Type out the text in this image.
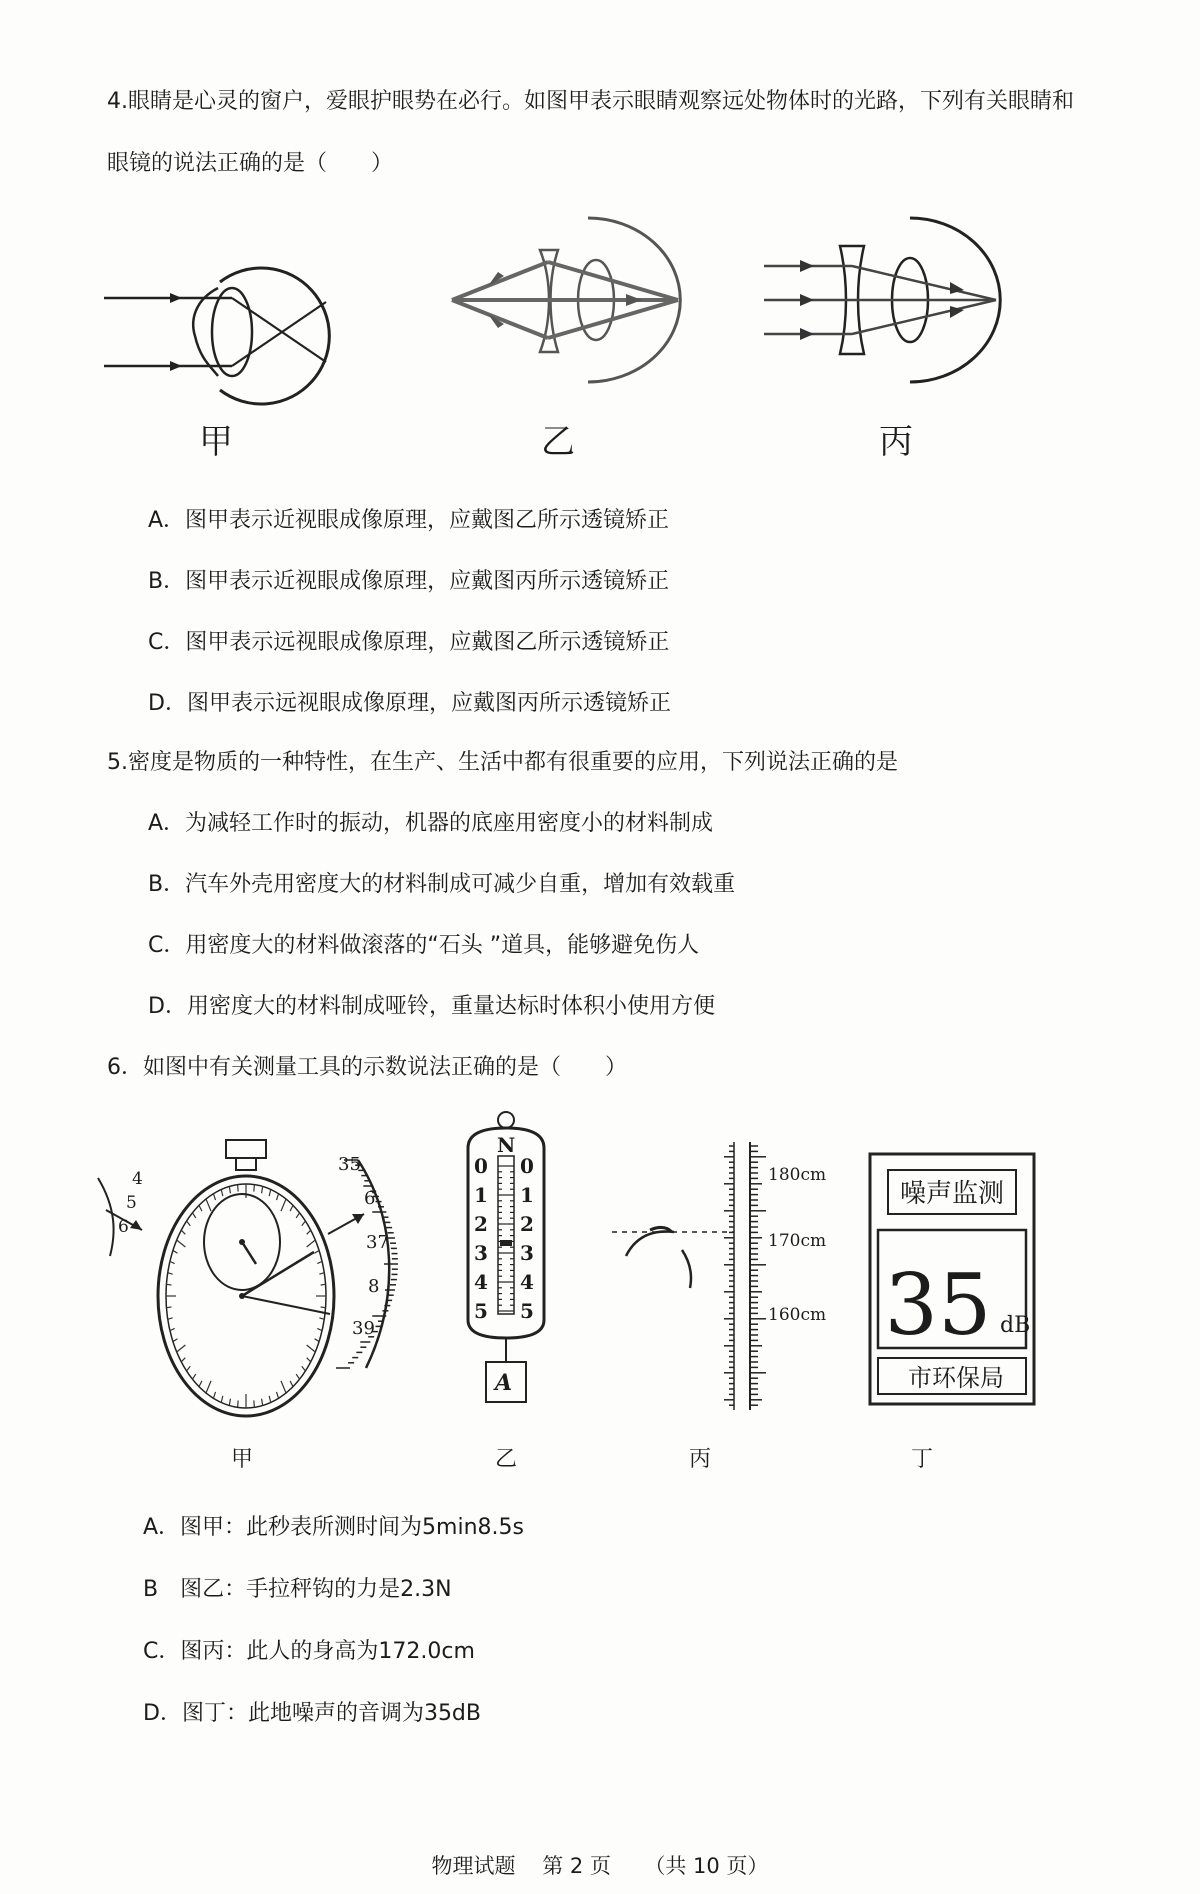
4.眼睛是心灵的窗户，爱眼护眼势在必行。如图甲表示眼睛观察远处物体时的光路，下列有关眼睛和
眼镜的说法正确的是（　　）
甲	乙	丙
A．图甲表示近视眼成像原理，应戴图乙所示透镜矫正
B．图甲表示近视眼成像原理，应戴图丙所示透镜矫正
C．图甲表示远视眼成像原理，应戴图乙所示透镜矫正
D．图甲表示远视眼成像原理，应戴图丙所示透镜矫正
5.密度是物质的一种特性，在生产、生活中都有很重要的应用，下列说法正确的是
A．为减轻工作时的振动，机器的底座用密度小的材料制成
B．汽车外壳用密度大的材料制成可减少自重，增加有效载重
C．用密度大的材料做滚落的“石头 ”道具，能够避免伤人
D．用密度大的材料制成哑铃，重量达标时体积小使用方便
6．如图中有关测量工具的示数说法正确的是（　　）
4
5
6
35
6
37
8
39
甲
N
0 0
1 1
2 2
3 3
4 4
5 5
A
乙
180cm
170cm
160cm
丙
噪声监测
35 dB
市环保局
丁
A．图甲：此秒表所测时间为5min8.5s
B　图乙：手拉秤钩的力是2.3N
C．图丙：此人的身高为172.0cm
D．图丁：此地噪声的音调为35dB
物理试题 第 2 页 （共 10 页）
